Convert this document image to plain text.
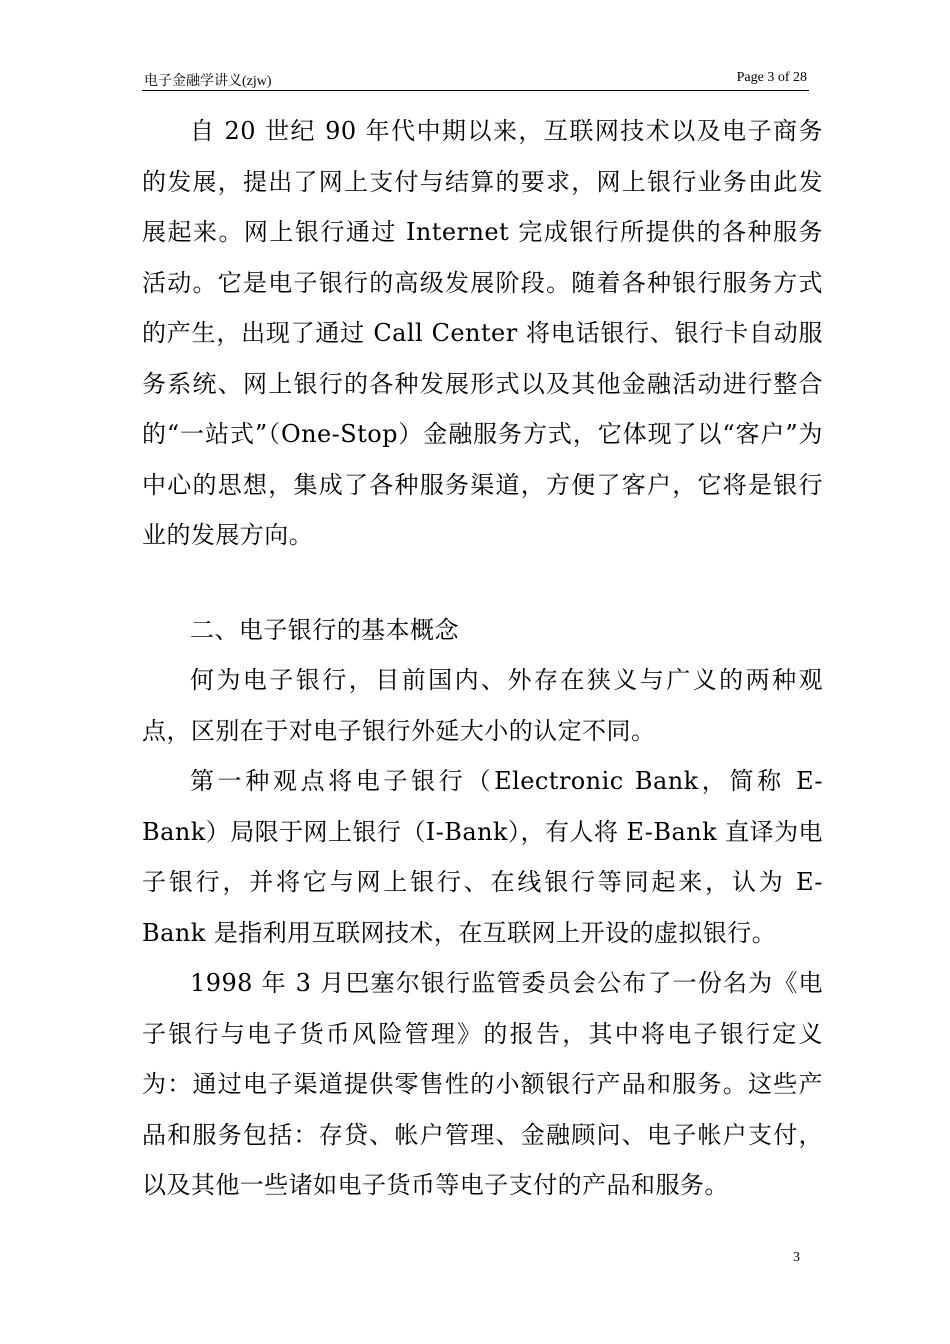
电子金融学讲义(zjw)	Page 3 of 28

自 20 世纪 90 年代中期以来，互联网技术以及电子商务的发展，提出了网上支付与结算的要求，网上银行业务由此发展起来。网上银行通过 Internet 完成银行所提供的各种服务活动。它是电子银行的高级发展阶段。随着各种银行服务方式的产生，出现了通过 Call Center 将电话银行、银行卡自动服务系统、网上银行的各种发展形式以及其他金融活动进行整合的“一站式”（One-Stop）金融服务方式，它体现了以“客户”为中心的思想，集成了各种服务渠道，方便了客户，它将是银行业的发展方向。

二、电子银行的基本概念

何为电子银行，目前国内、外存在狭义与广义的两种观点，区别在于对电子银行外延大小的认定不同。

第一种观点将电子银行（Electronic Bank，简称 E-Bank）局限于网上银行（I-Bank），有人将 E-Bank 直译为电子银行，并将它与网上银行、在线银行等同起来，认为 E-Bank 是指利用互联网技术，在互联网上开设的虚拟银行。

1998 年 3 月巴塞尔银行监管委员会公布了一份名为《电子银行与电子货币风险管理》的报告，其中将电子银行定义为：通过电子渠道提供零售性的小额银行产品和服务。这些产品和服务包括：存贷、帐户管理、金融顾问、电子帐户支付，以及其他一些诸如电子货币等电子支付的产品和服务。

3
